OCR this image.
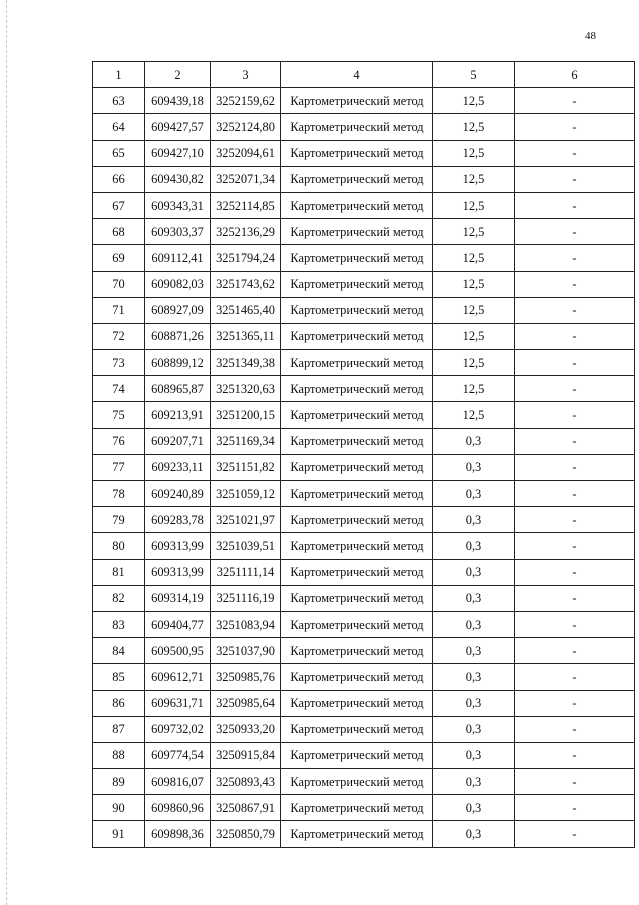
48
1	2	3	4	5	6
63	609439,18	3252159,62	Картометрический метод	12,5	-
64	609427,57	3252124,80	Картометрический метод	12,5	-
65	609427,10	3252094,61	Картометрический метод	12,5	-
66	609430,82	3252071,34	Картометрический метод	12,5	-
67	609343,31	3252114,85	Картометрический метод	12,5	-
68	609303,37	3252136,29	Картометрический метод	12,5	-
69	609112,41	3251794,24	Картометрический метод	12,5	-
70	609082,03	3251743,62	Картометрический метод	12,5	-
71	608927,09	3251465,40	Картометрический метод	12,5	-
72	608871,26	3251365,11	Картометрический метод	12,5	-
73	608899,12	3251349,38	Картометрический метод	12,5	-
74	608965,87	3251320,63	Картометрический метод	12,5	-
75	609213,91	3251200,15	Картометрический метод	12,5	-
76	609207,71	3251169,34	Картометрический метод	0,3	-
77	609233,11	3251151,82	Картометрический метод	0,3	-
78	609240,89	3251059,12	Картометрический метод	0,3	-
79	609283,78	3251021,97	Картометрический метод	0,3	-
80	609313,99	3251039,51	Картометрический метод	0,3	-
81	609313,99	3251111,14	Картометрический метод	0,3	-
82	609314,19	3251116,19	Картометрический метод	0,3	-
83	609404,77	3251083,94	Картометрический метод	0,3	-
84	609500,95	3251037,90	Картометрический метод	0,3	-
85	609612,71	3250985,76	Картометрический метод	0,3	-
86	609631,71	3250985,64	Картометрический метод	0,3	-
87	609732,02	3250933,20	Картометрический метод	0,3	-
88	609774,54	3250915,84	Картометрический метод	0,3	-
89	609816,07	3250893,43	Картометрический метод	0,3	-
90	609860,96	3250867,91	Картометрический метод	0,3	-
91	609898,36	3250850,79	Картометрический метод	0,3	-
